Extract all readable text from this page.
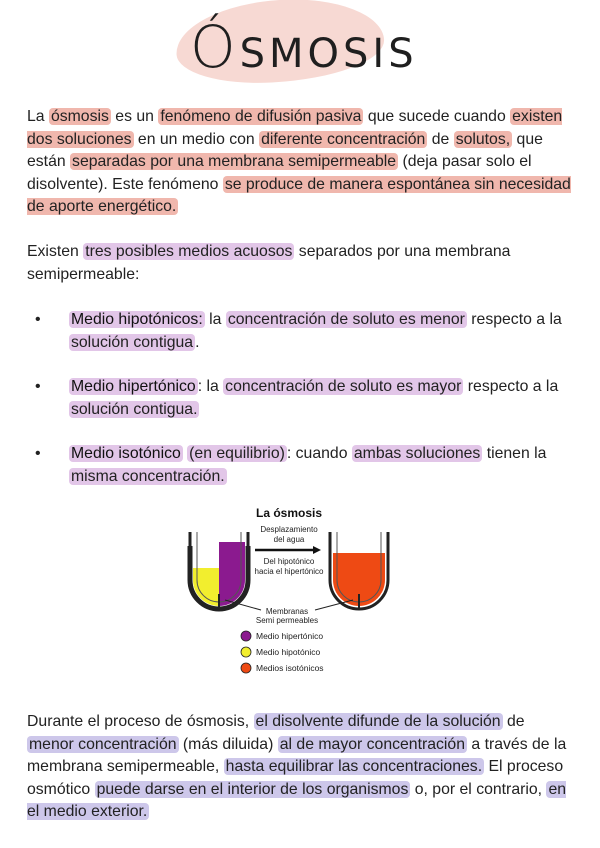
ÓSMOSIS
La ósmosis es un fenómeno de difusión pasiva que sucede cuando existen dos soluciones en un medio con diferente concentración de solutos, que están separadas por una membrana semipermeable (deja pasar solo el disolvente). Este fenómeno se produce de manera espontánea sin necesidad de aporte energético.
Existen tres posibles medios acuosos separados por una membrana semipermeable:
• Medio hipotónicos: la concentración de soluto es menor respecto a la solución contigua .
• Medio hipertónico : la concentración de soluto es mayor respecto a la solución contigua.
• Medio isotónico (en equilibrio) : cuando ambas soluciones tienen la misma concentración.
La ósmosis
Desplazamiento
del agua
Del hipotónico
hacia el hipertónico
Membranas
Semi permeables
Medio hipertónico
Medio hipotónico
Medios isotónicos
Durante el proceso de ósmosis, el disolvente difunde de la solución de menor concentración (más diluida) al de mayor concentración a través de la membrana semipermeable, hasta equilibrar las concentraciones. El proceso osmótico puede darse en el interior de los organismos o, por el contrario, en el medio exterior.
